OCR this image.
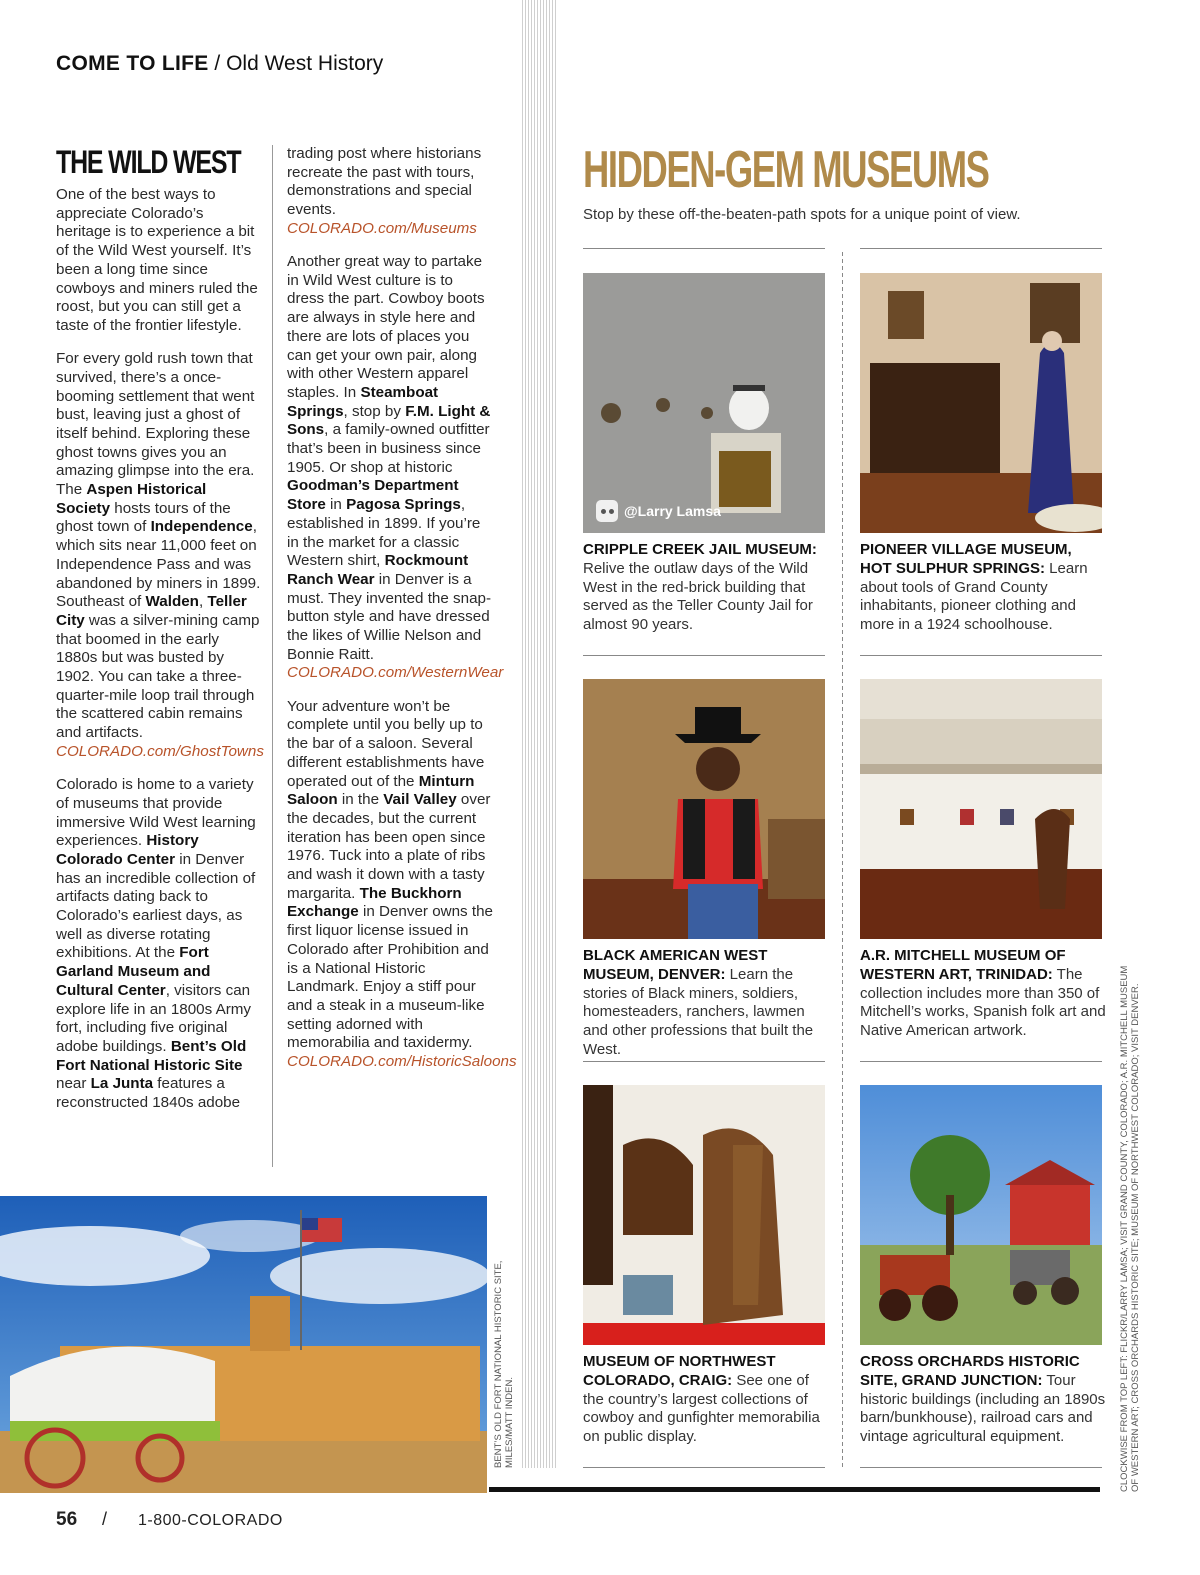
COME TO LIFE / Old West History
THE WILD WEST

One of the best ways to appreciate Colorado’s heritage is to experience a bit of the Wild West yourself. It’s been a long time since cowboys and miners ruled the roost, but you can still get a taste of the frontier lifestyle.

For every gold rush town that survived, there’s a once-booming settlement that went bust, leaving just a ghost of itself behind. Exploring these ghost towns gives you an amazing glimpse into the era. The Aspen Historical Society hosts tours of the ghost town of Independence, which sits near 11,000 feet on Independence Pass and was abandoned by miners in 1899. Southeast of Walden, Teller City was a silver-mining camp that boomed in the early 1880s but was busted by 1902. You can take a three-quarter-mile loop trail through the scattered cabin remains and artifacts. COLORADO.com/GhostTowns

Colorado is home to a variety of museums that provide immersive Wild West learning experiences. History Colorado Center in Denver has an incredible collection of artifacts dating back to Colorado’s earliest days, as well as diverse rotating exhibitions. At the Fort Garland Museum and Cultural Center, visitors can explore life in an 1800s Army fort, including five original adobe buildings. Bent’s Old Fort National Historic Site near La Junta features a reconstructed 1840s adobe

trading post where historians recreate the past with tours, demonstrations and special events. COLORADO.com/Museums

Another great way to partake in Wild West culture is to dress the part. Cowboy boots are always in style here and there are lots of places you can get your own pair, along with other Western apparel staples. In Steamboat Springs, stop by F.M. Light & Sons, a family-owned outfitter that’s been in business since 1905. Or shop at historic Goodman’s Department Store in Pagosa Springs, established in 1899. If you’re in the market for a classic Western shirt, Rockmount Ranch Wear in Denver is a must. They invented the snap-button style and have dressed the likes of Willie Nelson and Bonnie Raitt. COLORADO.com/WesternWear

Your adventure won’t be complete until you belly up to the bar of a saloon. Several different establishments have operated out of the Minturn Saloon in the Vail Valley over the decades, but the current iteration has been open since 1976. Tuck into a plate of ribs and wash it down with a tasty margarita. The Buckhorn Exchange in Denver owns the first liquor license issued in Colorado after Prohibition and is a National Historic Landmark. Enjoy a stiff pour and a steak in a museum-like setting adorned with memorabilia and taxidermy. COLORADO.com/HistoricSaloons

BENT’S OLD FORT NATIONAL HISTORIC SITE, MILES/MATT INDEN.
HIDDEN-GEM MUSEUMS
Stop by these off-the-beaten-path spots for a unique point of view.
@Larry Lamsa
CRIPPLE CREEK JAIL MUSEUM: Relive the outlaw days of the Wild West in the red-brick building that served as the Teller County Jail for almost 90 years.
PIONEER VILLAGE MUSEUM, HOT SULPHUR SPRINGS: Learn about tools of Grand County inhabitants, pioneer clothing and more in a 1924 schoolhouse.
BLACK AMERICAN WEST MUSEUM, DENVER: Learn the stories of Black miners, soldiers, homesteaders, ranchers, lawmen and other professions that built the West.
A.R. MITCHELL MUSEUM OF WESTERN ART, TRINIDAD: The collection includes more than 350 of Mitchell’s works, Spanish folk art and Native American artwork.
MUSEUM OF NORTHWEST COLORADO, CRAIG: See one of the country’s largest collections of cowboy and gunfighter memorabilia on public display.
CROSS ORCHARDS HISTORIC SITE, GRAND JUNCTION: Tour historic buildings (including an 1890s barn/bunkhouse), railroad cars and vintage agricultural equipment.	CLOCKWISE FROM TOP LEFT: FLICKR/LARRY LAMSA; VISIT GRAND COUNTY, COLORADO; A.R. MITCHELL MUSEUM OF WESTERN ART; CROSS ORCHARDS HISTORIC SITE; MUSEUM OF NORTHWEST COLORADO; VISIT DENVER.
56 / 1-800-COLORADO
